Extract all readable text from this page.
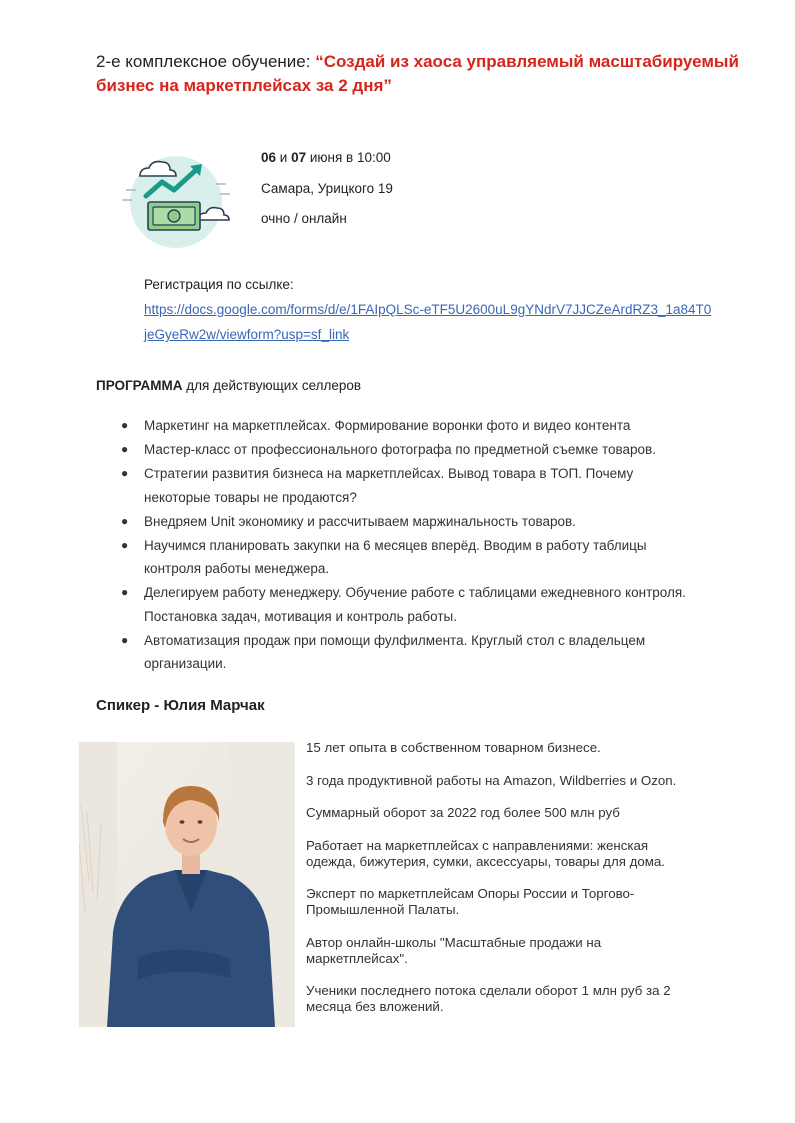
2-е комплексное обучение: “Создай из хаоса управляемый масштабируемый бизнес на маркетплейсах за 2 дня”
06 и 07 июня в 10:00
Самара, Урицкого 19
очно / онлайн
Регистрация по ссылке:
https://docs.google.com/forms/d/e/1FAIpQLSc-eTF5U2600uL9gYNdrV7JJCZeArdRZ3_1a84T0jeGyeRw2w/viewform?usp=sf_link
ПРОГРАММА для действующих селлеров
● Маркетинг на маркетплейсах. Формирование воронки фото и видео контента
● Мастер-класс от профессионального фотографа по предметной съемке товаров.
● Стратегии развития бизнеса на маркетплейсах. Вывод товара в ТОП. Почему некоторые товары не продаются?
● Внедряем Unit экономику и рассчитываем маржинальность товаров.
● Научимся планировать закупки на 6 месяцев вперёд. Вводим в работу таблицы контроля работы менеджера.
● Делегируем работу менеджеру. Обучение работе с таблицами ежедневного контроля. Постановка задач, мотивация и контроль работы.
● Автоматизация продаж при помощи фулфилмента. Круглый стол с владельцем организации.
Спикер - Юлия Марчак

15 лет опыта в собственном товарном бизнесе.

3 года продуктивной работы на Amazon, Wildberries и Ozon.

Суммарный оборот за 2022 год более 500 млн руб

Работает на маркетплейсах с направлениями: женская одежда, бижутерия, сумки, аксессуары, товары для дома.

Эксперт по маркетплейсам Опоры России и Торгово-Промышленной Палаты.

Автор онлайн-школы "Масштабные продажи на маркетплейсах".

Ученики последнего потока сделали оборот 1 млн руб за 2 месяца без вложений.
